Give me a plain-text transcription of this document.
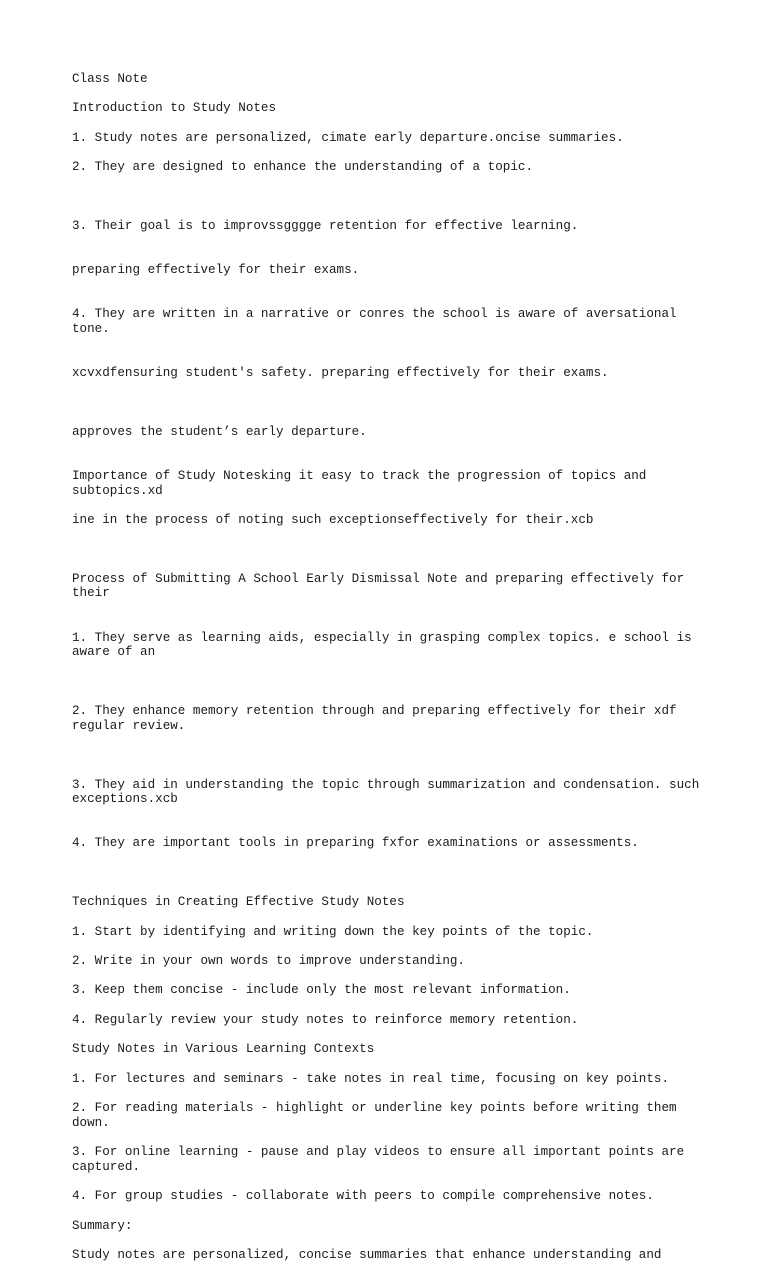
Class Note
Introduction to Study Notes
1. Study notes are personalized, cimate early departure.oncise summaries.
2. They are designed to enhance the understanding of a topic.

3. Their goal is to improvssgggge retention for effective learning.

preparing effectively for their exams.

4. They are written in a narrative or conres the school is aware of aversational tone.

xcvxdfensuring student's safety. preparing effectively for their exams.

approves the student’s early departure.
Importance of Study Notesking it easy to track the progression of topics and subtopics.xd
ine in the process of noting such exceptionseffectively for their.xcb

Process of Submitting A School Early Dismissal Note and preparing effectively for their

1. They serve as learning aids, especially in grasping complex topics. e school is aware of an

2. They enhance memory retention through and preparing effectively for their xdf regular review.

3. They aid in understanding the topic through summarization and condensation. such exceptions.xcb

4. They are important tools in preparing fxfor examinations or assessments.

Techniques in Creating Effective Study Notes
1. Start by identifying and writing down the key points of the topic.
2. Write in your own words to improve understanding.
3. Keep them concise - include only the most relevant information.
4. Regularly review your study notes to reinforce memory retention.
Study Notes in Various Learning Contexts
1. For lectures and seminars - take notes in real time, focusing on key points.
2. For reading materials - highlight or underline key points before writing them down.
3. For online learning - pause and play videos to ensure all important points are captured.
4. For group studies - collaborate with peers to compile comprehensive notes.
Summary:
Study notes are personalized, concise summaries that enhance understanding and
